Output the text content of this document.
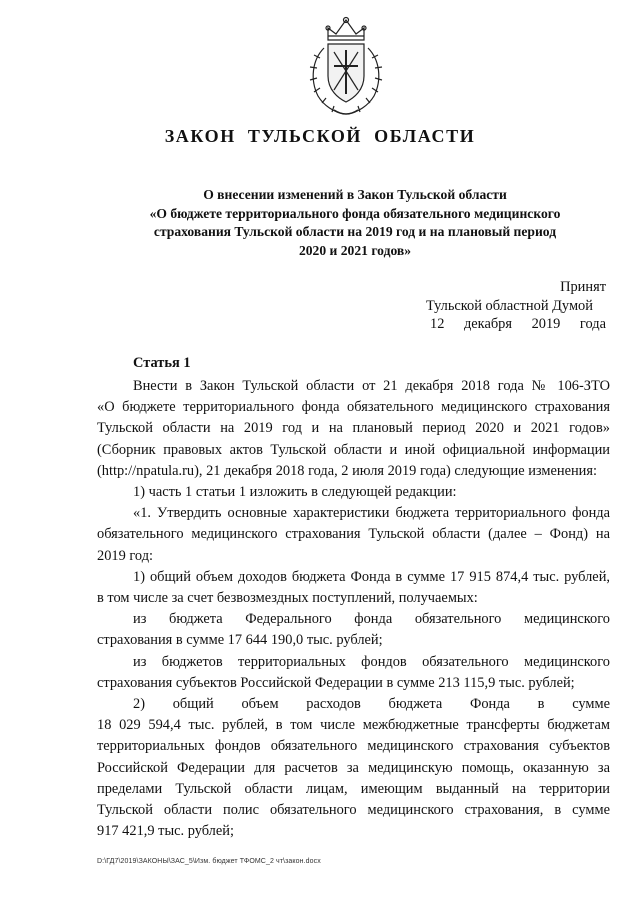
ЗАКОН ТУЛЬСКОЙ ОБЛАСТИ
О внесении изменений в Закон Тульской области
«О бюджете территориального фонда обязательного медицинского
страхования Тульской области на 2019 год и на плановый период
2020 и 2021 годов»
Принят
Тульской областной Думой
12 декабря 2019 года
Статья 1
Внести в Закон Тульской области от 21 декабря 2018 года № 106-ЗТО
«О бюджете территориального фонда обязательного медицинского страхования
Тульской области на 2019 год и на плановый период 2020 и 2021 годов»
(Сборник правовых актов Тульской области и иной официальной информации
(http://npatula.ru), 21 декабря 2018 года, 2 июля 2019 года) следующие изменения:
1) часть 1 статьи 1 изложить в следующей редакции:
«1. Утвердить основные характеристики бюджета территориального фонда
обязательного медицинского страхования Тульской области (далее – Фонд) на
2019 год:
1) общий объем доходов бюджета Фонда в сумме 17 915 874,4 тыс. рублей,
в том числе за счет безвозмездных поступлений, получаемых:
из бюджета Федерального фонда обязательного медицинского
страхования в сумме 17 644 190,0 тыс. рублей;
из бюджетов территориальных фондов обязательного медицинского
страхования субъектов Российской Федерации в сумме 213 115,9 тыс. рублей;
2) общий объем расходов бюджета Фонда в сумме
18 029 594,4 тыс. рублей, в том числе межбюджетные трансферты бюджетам
территориальных фондов обязательного медицинского страхования субъектов
Российской Федерации для расчетов за медицинскую помощь, оказанную за
пределами Тульской области лицам, имеющим выданный на территории
Тульской области полис обязательного медицинского страхования, в сумме
917 421,9 тыс. рублей;
D:\ГД7\2019\ЗАКОНЫ\ЗАС_5\Изм. бюджет ТФОМС_2 чт\закон.docx
